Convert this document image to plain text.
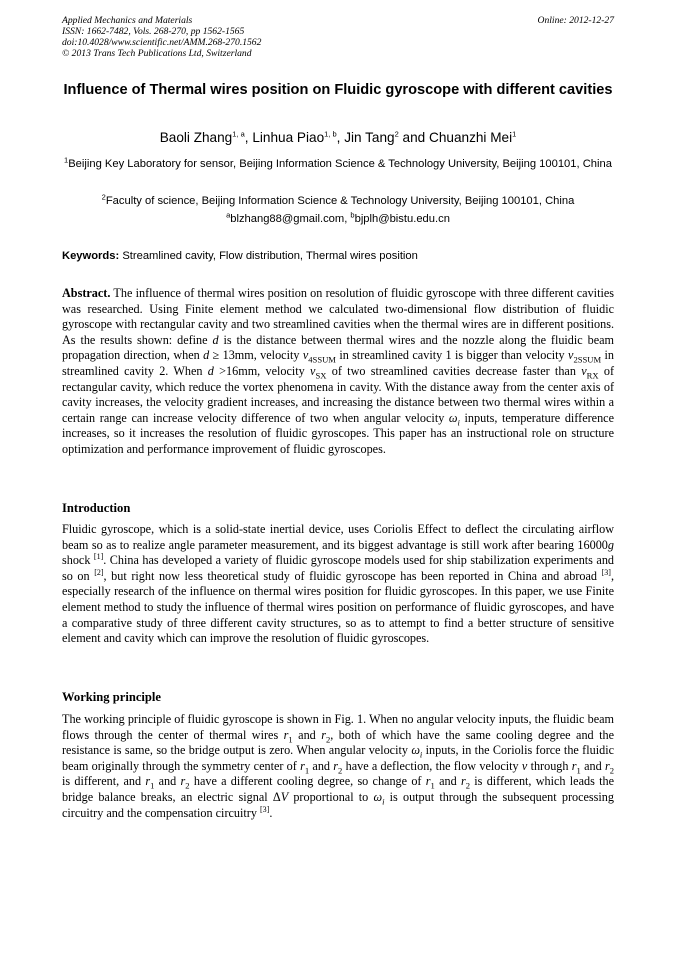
Applied Mechanics and Materials
ISSN: 1662-7482, Vols. 268-270, pp 1562-1565
doi:10.4028/www.scientific.net/AMM.268-270.1562
© 2013 Trans Tech Publications Ltd, Switzerland
Online: 2012-12-27
Influence of Thermal wires position on Fluidic gyroscope with different cavities
Baoli Zhang$^{1, a}$, Linhua Piao$^{1, b}$, Jin Tang$^2$ and Chuanzhi Mei$^1$
$^1$Beijing Key Laboratory for sensor, Beijing Information Science & Technology University, Beijing 100101, China
$^2$Faculty of science, Beijing Information Science & Technology University, Beijing 100101, China
$^a$blzhang88@gmail.com, $^b$bjplh@bistu.edu.cn
Keywords: Streamlined cavity, Flow distribution, Thermal wires position
Abstract. The influence of thermal wires position on resolution of fluidic gyroscope with three different cavities was researched. Using Finite element method we calculated two-dimensional flow distribution of fluidic gyroscope with rectangular cavity and two streamlined cavities when the thermal wires are in different positions. As the results shown: define d is the distance between thermal wires and the nozzle along the fluidic beam propagation direction, when d ≥ 13mm, velocity $v_{4SSUM}$ in streamlined cavity 1 is bigger than velocity $v_{2SSUM}$ in streamlined cavity 2. When d >16mm, velocity $v_{SX}$ of two streamlined cavities decrease faster than $v_{RX}$ of rectangular cavity, which reduce the vortex phenomena in cavity. With the distance away from the center axis of cavity increases, the velocity gradient increases, and increasing the distance between two thermal wires within a certain range can increase velocity difference of two when angular velocity $\omega_i$ inputs, temperature difference increases, so it increases the resolution of fluidic gyroscopes. This paper has an instructional role on structure optimization and performance improvement of fluidic gyroscopes.
Introduction
Fluidic gyroscope, which is a solid-state inertial device, uses Coriolis Effect to deflect the circulating airflow beam so as to realize angle parameter measurement, and its biggest advantage is still work after bearing 16000g shock [1]. China has developed a variety of fluidic gyroscope models used for ship stabilization experiments and so on [2], but right now less theoretical study of fluidic gyroscope has been reported in China and abroad [3], especially research of the influence on thermal wires position for fluidic gyroscopes. In this paper, we use Finite element method to study the influence of thermal wires position on performance of fluidic gyroscopes, and have a comparative study of three different cavity structures, so as to attempt to find a better structure of sensitive element and cavity which can improve the resolution of fluidic gyroscopes.
Working principle
The working principle of fluidic gyroscope is shown in Fig. 1. When no angular velocity inputs, the fluidic beam flows through the center of thermal wires $r_1$ and $r_2$, both of which have the same cooling degree and the resistance is same, so the bridge output is zero. When angular velocity $\omega_i$ inputs, in the Coriolis force the fluidic beam originally through the symmetry center of $r_1$ and $r_2$ have a deflection, the flow velocity v through $r_1$ and $r_2$ is different, and $r_1$ and $r_2$ have a different cooling degree, so change of $r_1$ and $r_2$ is different, which leads the bridge balance breaks, an electric signal ΔV proportional to $\omega_i$ is output through the subsequent processing circuitry and the compensation circuitry [3].
